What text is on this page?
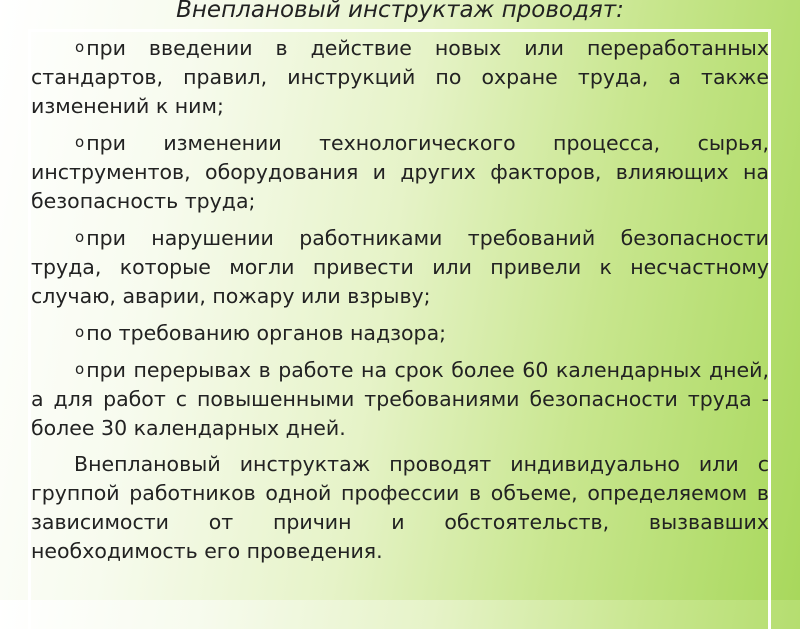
Внеплановый инструктаж проводят:
oпри введении в действие новых или переработанных стандартов, правил, инструкций по охране труда, а также изменений к ним;
oпри изменении технологического процесса, сырья, инструментов, оборудования и других факторов, влияющих на безопасность труда;
oпри нарушении работниками требований безопасности труда, которые могли привести или привели к несчастному случаю, аварии, пожару или взрыву;
oпо требованию органов надзора;
oпри перерывах в работе на срок более 60 календарных дней, а для работ с повышенными требованиями безопасности труда - более 30 календарных дней.
Внеплановый инструктаж проводят индивидуально или с группой работников одной профессии в объеме, определяемом в зависимости от причин и обстоятельств, вызвавших необходимость его проведения.
